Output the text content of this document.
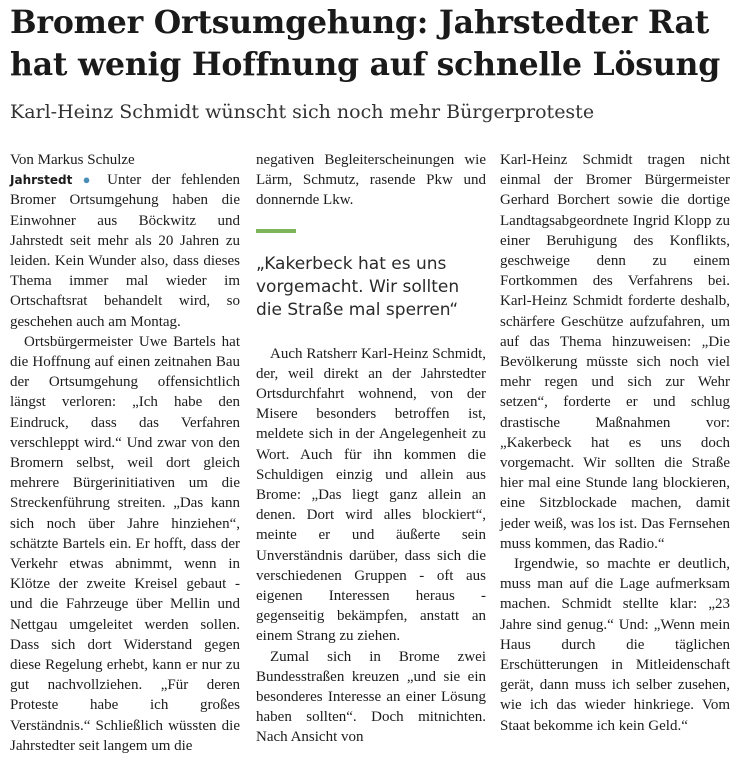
Bromer Ortsumgehung: Jahrstedter Rat hat wenig Hoffnung auf schnelle Lösung
Karl-Heinz Schmidt wünscht sich noch mehr Bürgerproteste
Von Markus Schulze

Jahrstedt ● Unter der fehlenden Bromer Ortsumgehung haben die Einwohner aus Böckwitz und Jahrstedt seit mehr als 20 Jahren zu leiden. Kein Wunder also, dass dieses Thema immer mal wieder im Ortschaftsrat behandelt wird, so geschehen auch am Montag.

Ortsbürgermeister Uwe Bartels hat die Hoffnung auf einen zeitnahen Bau der Ortsumgehung offensichtlich längst verloren: „Ich habe den Eindruck, dass das Verfahren verschleppt wird.“ Und zwar von den Bromern selbst, weil dort gleich mehrere Bürgerinitiativen um die Streckenführung streiten. „Das kann sich noch über Jahre hinziehen“, schätzte Bartels ein. Er hofft, dass der Verkehr etwas abnimmt, wenn in Klötze der zweite Kreisel gebaut - und die Fahrzeuge über Mellin und Nettgau umgeleitet werden sollen. Dass sich dort Widerstand gegen diese Regelung erhebt, kann er nur zu gut nachvollziehen. „Für deren Proteste habe ich großes Verständnis.“ Schließlich wüssten die Jahrstedter seit langem um die

negativen Begleiterscheinungen wie Lärm, Schmutz, rasende Pkw und donnernde Lkw.

„Kakerbeck hat es uns vorgemacht. Wir sollten die Straße mal sperren“

Auch Ratsherr Karl-Heinz Schmidt, der, weil direkt an der Jahrstedter Ortsdurchfahrt wohnend, von der Misere besonders betroffen ist, meldete sich in der Angelegenheit zu Wort. Auch für ihn kommen die Schuldigen einzig und allein aus Brome: „Das liegt ganz allein an denen. Dort wird alles blockiert“, meinte er und äußerte sein Unverständnis darüber, dass sich die verschiedenen Gruppen - oft aus eigenen Interessen heraus - gegenseitig bekämpfen, anstatt an einem Strang zu ziehen.

Zumal sich in Brome zwei Bundesstraßen kreuzen „und sie ein besonderes Interesse an einer Lösung haben sollten“. Doch mitnichten. Nach Ansicht von

Karl-Heinz Schmidt tragen nicht einmal der Bromer Bürgermeister Gerhard Borchert sowie die dortige Landtagsabgeordnete Ingrid Klopp zu einer Beruhigung des Konflikts, geschweige denn zu einem Fortkommen des Verfahrens bei. Karl-Heinz Schmidt forderte deshalb, schärfere Geschütze aufzufahren, um auf das Thema hinzuweisen: „Die Bevölkerung müsste sich noch viel mehr regen und sich zur Wehr setzen“, forderte er und schlug drastische Maßnahmen vor: „Kakerbeck hat es uns doch vorgemacht. Wir sollten die Straße hier mal eine Stunde lang blockieren, eine Sitzblockade machen, damit jeder weiß, was los ist. Das Fernsehen muss kommen, das Radio.“

Irgendwie, so machte er deutlich, muss man auf die Lage aufmerksam machen. Schmidt stellte klar: „23 Jahre sind genug.“ Und: „Wenn mein Haus durch die täglichen Erschütterungen in Mitleidenschaft gerät, dann muss ich selber zusehen, wie ich das wieder hinkriege. Vom Staat bekomme ich kein Geld.“
